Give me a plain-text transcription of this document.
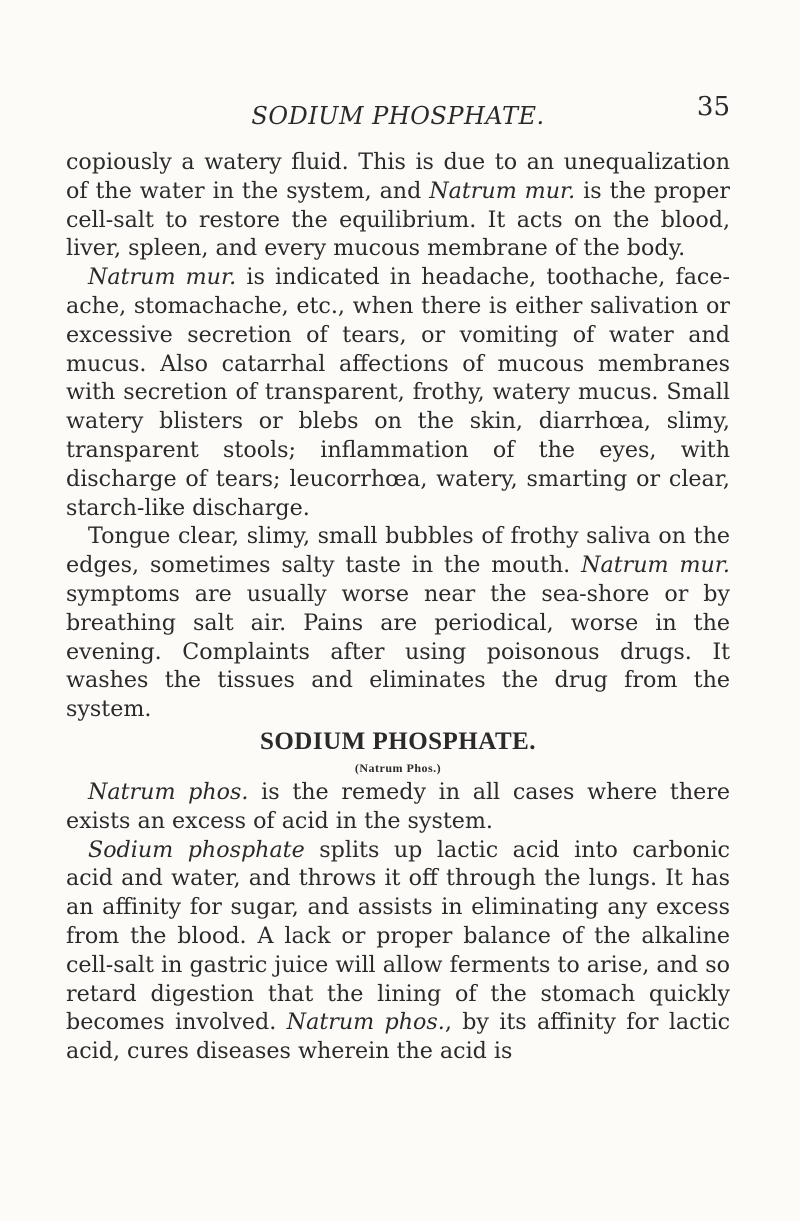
SODIUM PHOSPHATE.	35

copiously a watery fluid. This is due to an unequalization of the water in the system, and Natrum mur. is the proper cell-salt to restore the equilibrium. It acts on the blood, liver, spleen, and every mucous membrane of the body.

Natrum mur. is indicated in headache, toothache, face-ache, stomachache, etc., when there is either salivation or excessive secretion of tears, or vomiting of water and mucus. Also catarrhal affections of mucous membranes with secretion of transparent, frothy, watery mucus. Small watery blisters or blebs on the skin, diarrhœa, slimy, transparent stools; inflammation of the eyes, with discharge of tears; leucorrhœa, watery, smarting or clear, starch-like discharge.

Tongue clear, slimy, small bubbles of frothy saliva on the edges, sometimes salty taste in the mouth. Natrum mur. symptoms are usually worse near the sea-shore or by breathing salt air. Pains are periodical, worse in the evening. Complaints after using poisonous drugs. It washes the tissues and eliminates the drug from the system.

SODIUM PHOSPHATE.
(Natrum Phos.)

Natrum phos. is the remedy in all cases where there exists an excess of acid in the system.

Sodium phosphate splits up lactic acid into carbonic acid and water, and throws it off through the lungs. It has an affinity for sugar, and assists in eliminating any excess from the blood. A lack or proper balance of the alkaline cell-salt in gastric juice will allow ferments to arise, and so retard digestion that the lining of the stomach quickly becomes involved. Natrum phos., by its affinity for lactic acid, cures diseases wherein the acid is
